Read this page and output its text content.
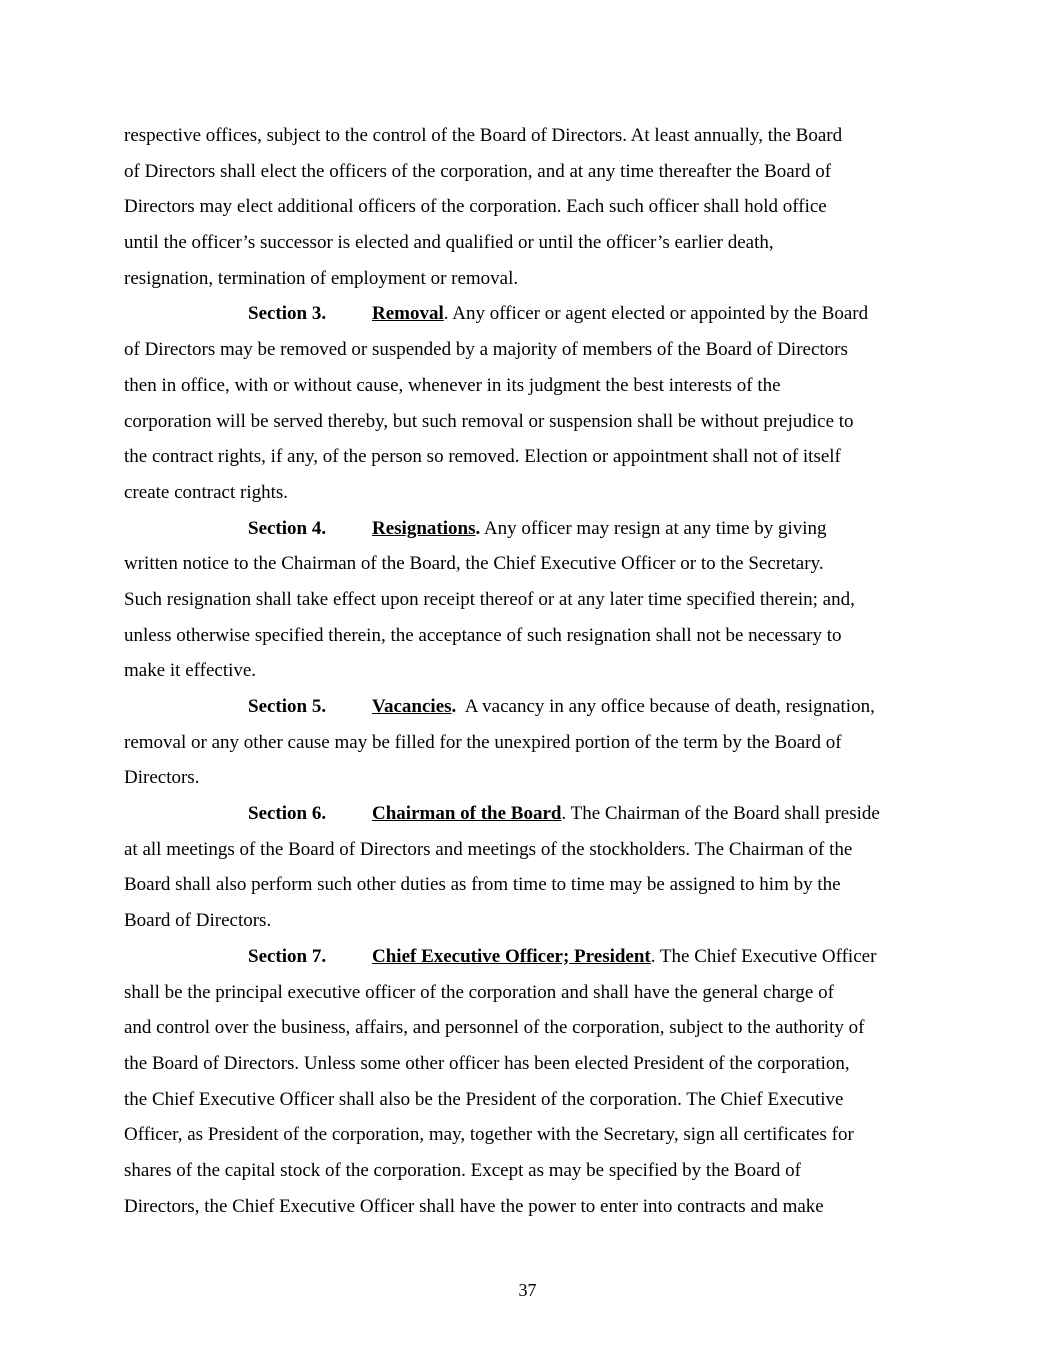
respective offices, subject to the control of the Board of Directors. At least annually, the Board
of Directors shall elect the officers of the corporation, and at any time thereafter the Board of
Directors may elect additional officers of the corporation. Each such officer shall hold office
until the officer’s successor is elected and qualified or until the officer’s earlier death,
resignation, termination of employment or removal.
Section 3. Removal. Any officer or agent elected or appointed by the Board
of Directors may be removed or suspended by a majority of members of the Board of Directors
then in office, with or without cause, whenever in its judgment the best interests of the
corporation will be served thereby, but such removal or suspension shall be without prejudice to
the contract rights, if any, of the person so removed. Election or appointment shall not of itself
create contract rights.
Section 4. Resignations. Any officer may resign at any time by giving
written notice to the Chairman of the Board, the Chief Executive Officer or to the Secretary.
Such resignation shall take effect upon receipt thereof or at any later time specified therein; and,
unless otherwise specified therein, the acceptance of such resignation shall not be necessary to
make it effective.
Section 5. Vacancies.  A vacancy in any office because of death, resignation,
removal or any other cause may be filled for the unexpired portion of the term by the Board of
Directors.
Section 6. Chairman of the Board. The Chairman of the Board shall preside
at all meetings of the Board of Directors and meetings of the stockholders. The Chairman of the
Board shall also perform such other duties as from time to time may be assigned to him by the
Board of Directors.
Section 7. Chief Executive Officer; President. The Chief Executive Officer
shall be the principal executive officer of the corporation and shall have the general charge of
and control over the business, affairs, and personnel of the corporation, subject to the authority of
the Board of Directors. Unless some other officer has been elected President of the corporation,
the Chief Executive Officer shall also be the President of the corporation. The Chief Executive
Officer, as President of the corporation, may, together with the Secretary, sign all certificates for
shares of the capital stock of the corporation. Except as may be specified by the Board of
Directors, the Chief Executive Officer shall have the power to enter into contracts and make
37
